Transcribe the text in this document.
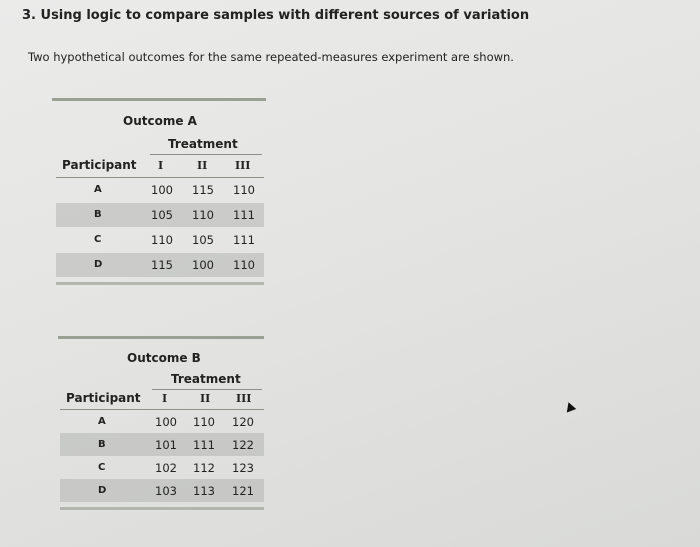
3. Using logic to compare samples with different sources of variation
Two hypothetical outcomes for the same repeated-measures experiment are shown.
Outcome A
Treatment
Participant I	II	III
A	100 115 110
B	105 110 111
C	110 105 111
D	115 100 110
Outcome B
Treatment
Participant I	II III
A	100 110 120
B	101 111 122
C	102 112 123
D	103 113 121
